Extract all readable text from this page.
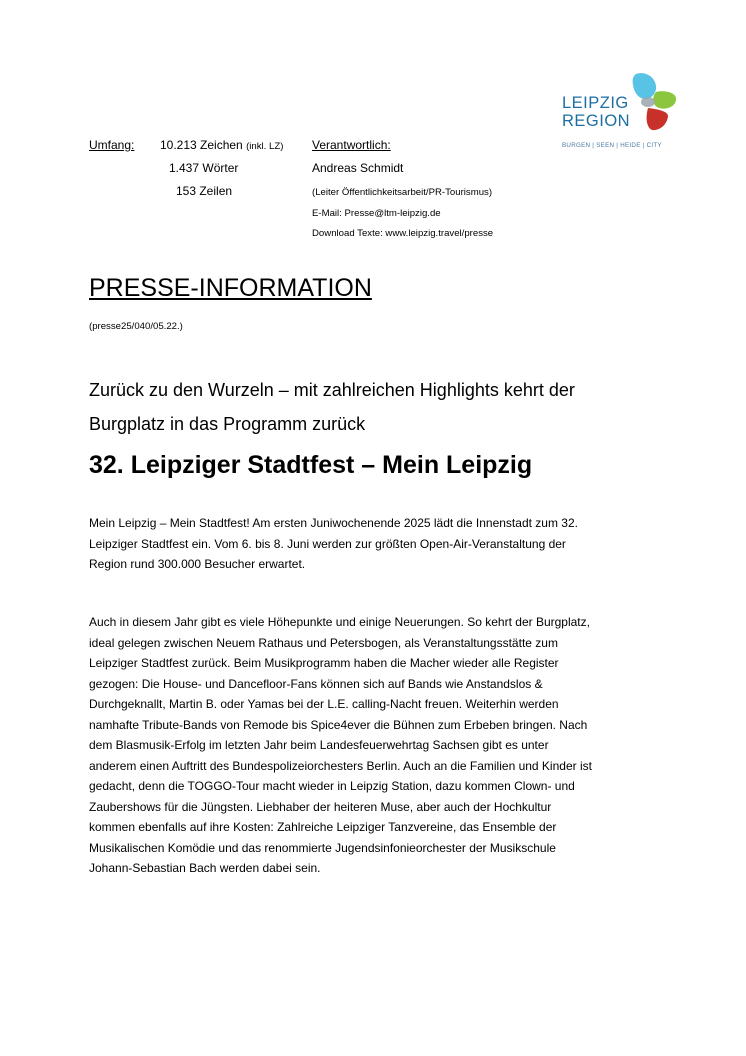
LEIPZIG
REGION
BURGEN | SEEN | HEIDE | CITY
Umfang: 10.213 Zeichen (inkl. LZ)
1.437 Wörter
153 Zeilen
Verantwortlich:
Andreas Schmidt
(Leiter Öffentlichkeitsarbeit/PR-Tourismus)
E-Mail: Presse@ltm-leipzig.de
Download Texte: www.leipzig.travel/presse
PRESSE-INFORMATION
(presse25/040/05.22.)
Zurück zu den Wurzeln – mit zahlreichen Highlights kehrt der
Burgplatz in das Programm zurück
32. Leipziger Stadtfest – Mein Leipzig
Mein Leipzig – Mein Stadtfest! Am ersten Juniwochenende 2025 lädt die Innenstadt zum 32.
Leipziger Stadtfest ein. Vom 6. bis 8. Juni werden zur größten Open-Air-Veranstaltung der
Region rund 300.000 Besucher erwartet.
Auch in diesem Jahr gibt es viele Höhepunkte und einige Neuerungen. So kehrt der Burgplatz,
ideal gelegen zwischen Neuem Rathaus und Petersbogen, als Veranstaltungsstätte zum
Leipziger Stadtfest zurück. Beim Musikprogramm haben die Macher wieder alle Register
gezogen: Die House- und Dancefloor-Fans können sich auf Bands wie Anstandslos &
Durchgeknallt, Martin B. oder Yamas bei der L.E. calling-Nacht freuen. Weiterhin werden
namhafte Tribute-Bands von Remode bis Spice4ever die Bühnen zum Erbeben bringen. Nach
dem Blasmusik-Erfolg im letzten Jahr beim Landesfeuerwehrtag Sachsen gibt es unter
anderem einen Auftritt des Bundespolizeiorchesters Berlin. Auch an die Familien und Kinder ist
gedacht, denn die TOGGO-Tour macht wieder in Leipzig Station, dazu kommen Clown- und
Zaubershows für die Jüngsten. Liebhaber der heiteren Muse, aber auch der Hochkultur
kommen ebenfalls auf ihre Kosten: Zahlreiche Leipziger Tanzvereine, das Ensemble der
Musikalischen Komödie und das renommierte Jugendsinfonieorchester der Musikschule
Johann-Sebastian Bach werden dabei sein.
